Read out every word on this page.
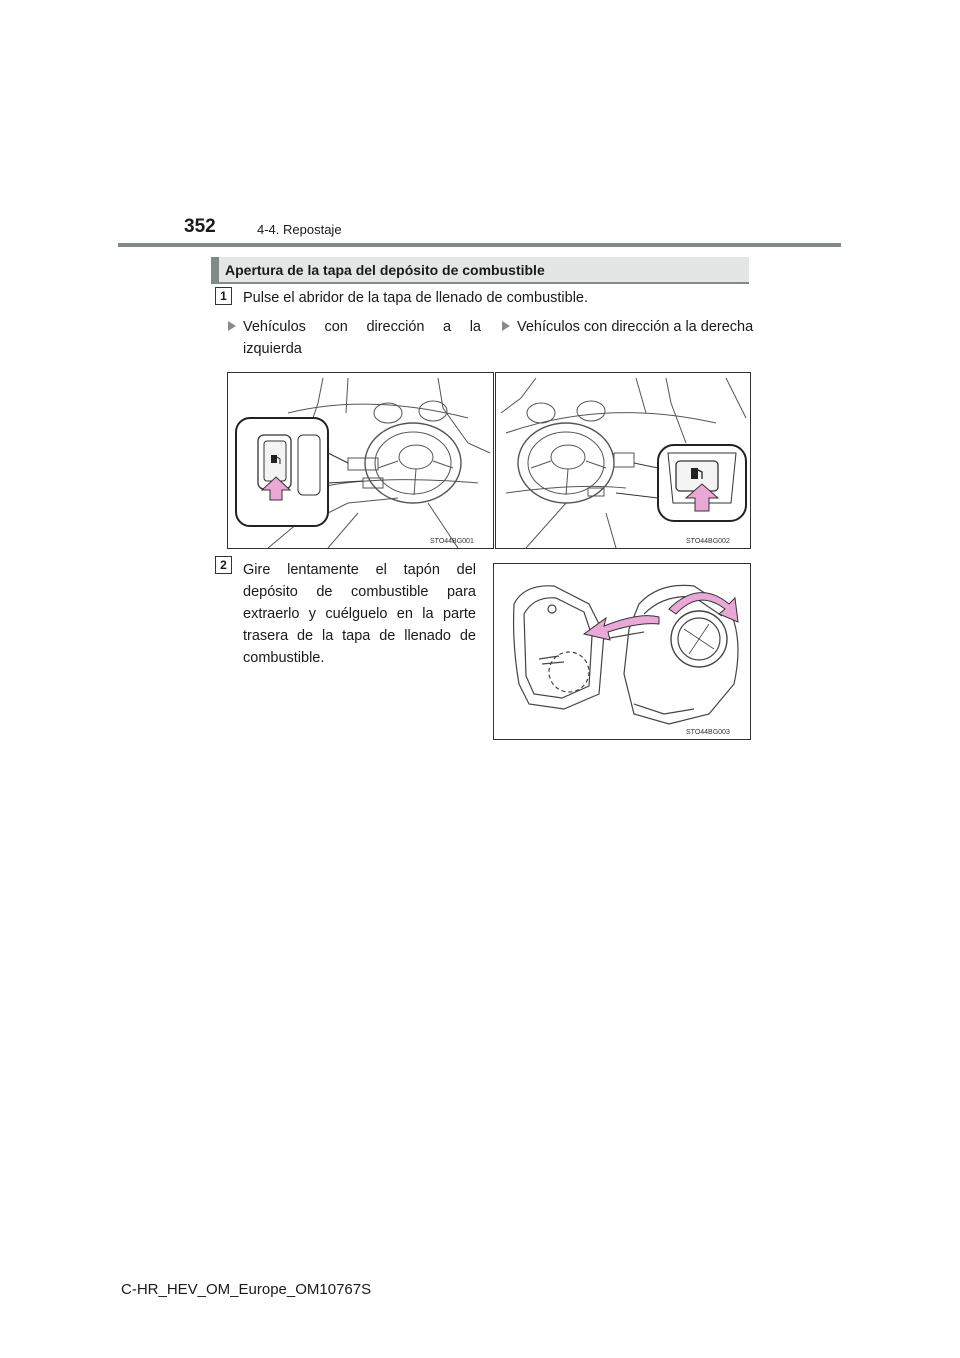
352	4-4. Repostaje
Apertura de la tapa del depósito de combustible
1	Pulse el abridor de la tapa de llenado de combustible.
Vehículos con dirección a la izquierda
Vehículos con dirección a la derecha
STO44BG001	STO44BG002
2	Gire lentamente el tapón del depósito de combustible para extraerlo y cuélguelo en la parte trasera de la tapa de llenado de combustible.
STO44BG003
C-HR_HEV_OM_Europe_OM10767S
